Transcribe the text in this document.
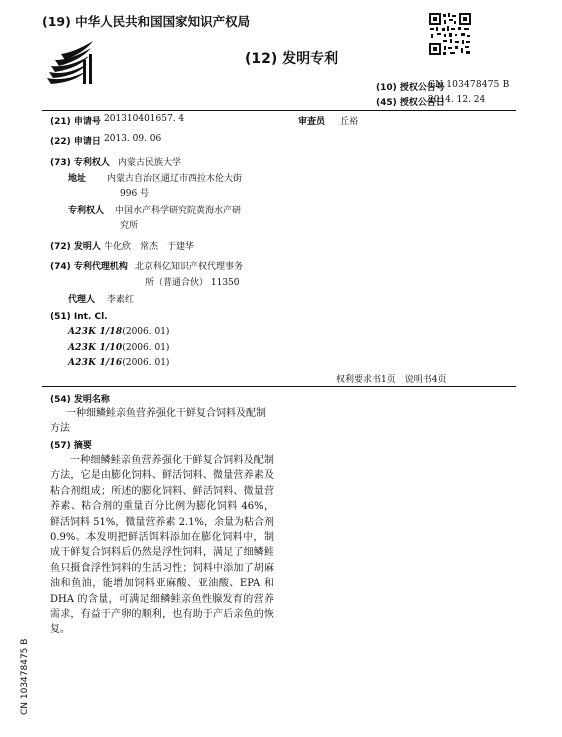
(19) 中华人民共和国国家知识产权局
(12) 发明专利
(10) 授权公告号
CN 103478475 B
(45) 授权公告日
2014. 12. 24
(21) 申请号 201310401657. 4	审查员 丘裕
(22) 申请日 2013. 09. 06
(73) 专利权人 内蒙古民族大学
地址 内蒙古自治区通辽市西拉木伦大街
996 号
专利权人 中国水产科学研究院黄海水产研
究所
(72) 发明人 牛化欣　常杰　于建华
(74) 专利代理机构 北京科亿知识产权代理事务
所（普通合伙） 11350
代理人 李素红
(51) Int. Cl.
A23K 1/18(2006. 01)
A23K 1/10(2006. 01)
A23K 1/16(2006. 01)
权利要求书1页　说明书4页
(54) 发明名称
一种细鳞鲑亲鱼营养强化干鲜复合饲料及配制方法
(57) 摘要
一种细鳞鲑亲鱼营养强化干鲜复合饲料及配制方法，它是由膨化饲料、鲜活饲料、微量营养素及粘合剂组成；所述的膨化饲料、鲜活饲料、微量营养素、粘合剂的重量百分比例为膨化饲料 46%，鲜活饲料 51%，微量营养素 2.1%，余量为粘合剂 0.9%。本发明把鲜活饵料添加在膨化饲料中，制成干鲜复合饲料后仍然是浮性饲料，满足了细鳞鲑鱼只摄食浮性饲料的生活习性；饲料中添加了胡麻油和鱼油，能增加饲料亚麻酸、亚油酸、EPA 和 DHA 的含量，可满足细鳞鲑亲鱼性腺发育的营养需求，有益于产卵的顺利，也有助于产后亲鱼的恢复。
CN 103478475 B
